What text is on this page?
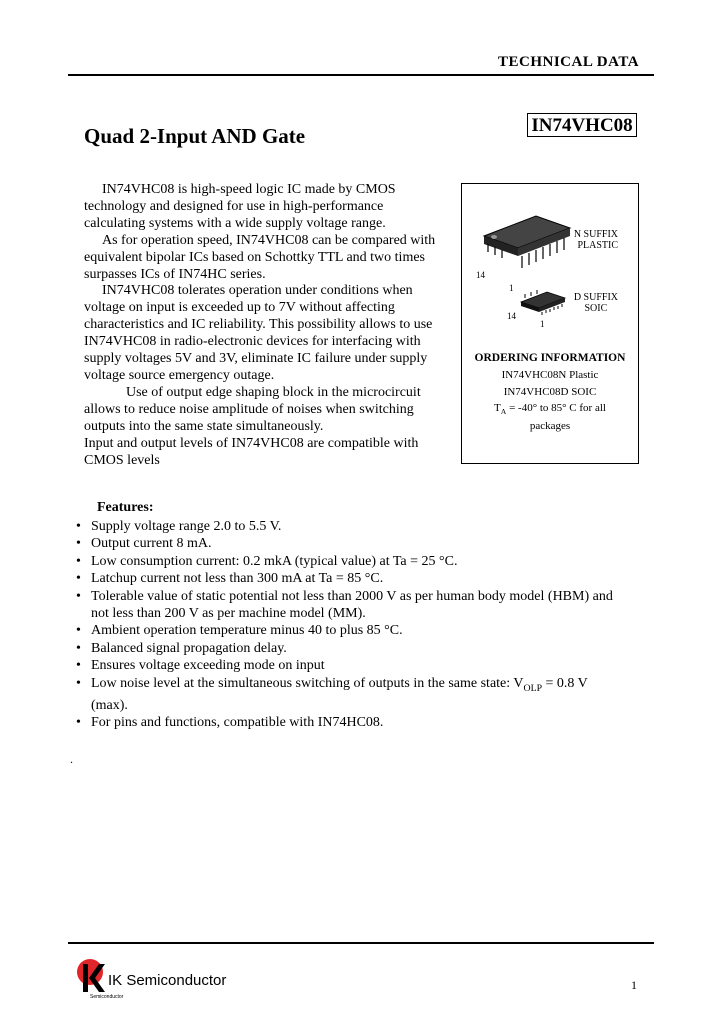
TECHNICAL DATA
IN74VHC08
Quad 2-Input AND Gate

IN74VHC08 is high-speed logic IC made by CMOS technology and designed for use in high-performance calculating systems with a wide supply voltage range.

As for operation speed, IN74VHC08 can be compared with equivalent bipolar ICs based on Schottky TTL and two times surpasses ICs of IN74HC series.

IN74VHC08 tolerates operation under conditions when voltage on input is exceeded up to 7V without affecting characteristics and IC reliability. This possibility allows to use IN74VHC08 in radio-electronic devices for interfacing with supply voltages 5V and 3V, eliminate IC failure under supply voltage source emergency outage.

Use of output edge shaping block in the microcircuit allows to reduce noise amplitude of noises when switching outputs into the same state simultaneously.

Input and output levels of IN74VHC08 are compatible with CMOS levels

14
1
N SUFFIX
PLASTIC
14
1
D SUFFIX
SOIC
ORDERING INFORMATION
IN74VHC08N Plastic
IN74VHC08D SOIC
$T_A = -40^\circ$ to 85° C for all
packages
Features:
• Supply voltage range 2.0 to 5.5 V.
• Output current 8 mA.
• Low consumption current: 0.2 mkA (typical value) at Ta = 25 °C.
• Latchup current not less than 300 mA at Ta = 85 °C.
• Tolerable value of static potential not less than 2000 V as per human body model (HBM) and not less than 200 V as per machine model (MM).
• Ambient operation temperature minus 40 to plus 85 °C.
• Balanced signal propagation delay.
• Ensures voltage exceeding mode on input
• Low noise level at the simultaneous switching of outputs in the same state: $V_{OLP} = 0.8$ V (max).
• For pins and functions, compatible with IN74HC08.
.
Semiconductor
IK Semiconductor	1
